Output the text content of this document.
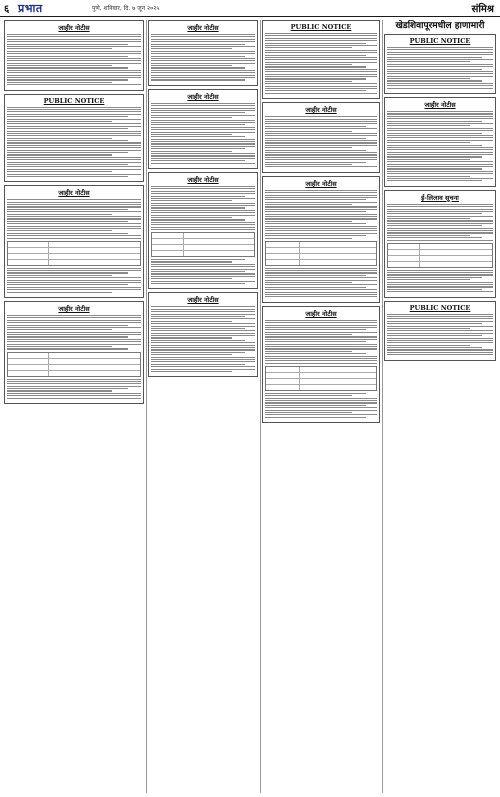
६ प्रभात	पुणे, शनिवार, दि. ७ जून २०२५	संमिश्र
जाहीर नोटीस
PUBLIC NOTICE
जाहीर नोटीस
जाहीर नोटीस
जाहीर नोटीस
जाहीर नोटीस
जाहीर नोटीस
जाहीर नोटीस
PUBLIC NOTICE
जाहीर नोटीस
जाहीर नोटीस
जाहीर नोटीस
खेडशिवापूरमधील हाणामारी
PUBLIC NOTICE
जाहीर नोटीस
ई-लिलाव सूचना
PUBLIC NOTICE
